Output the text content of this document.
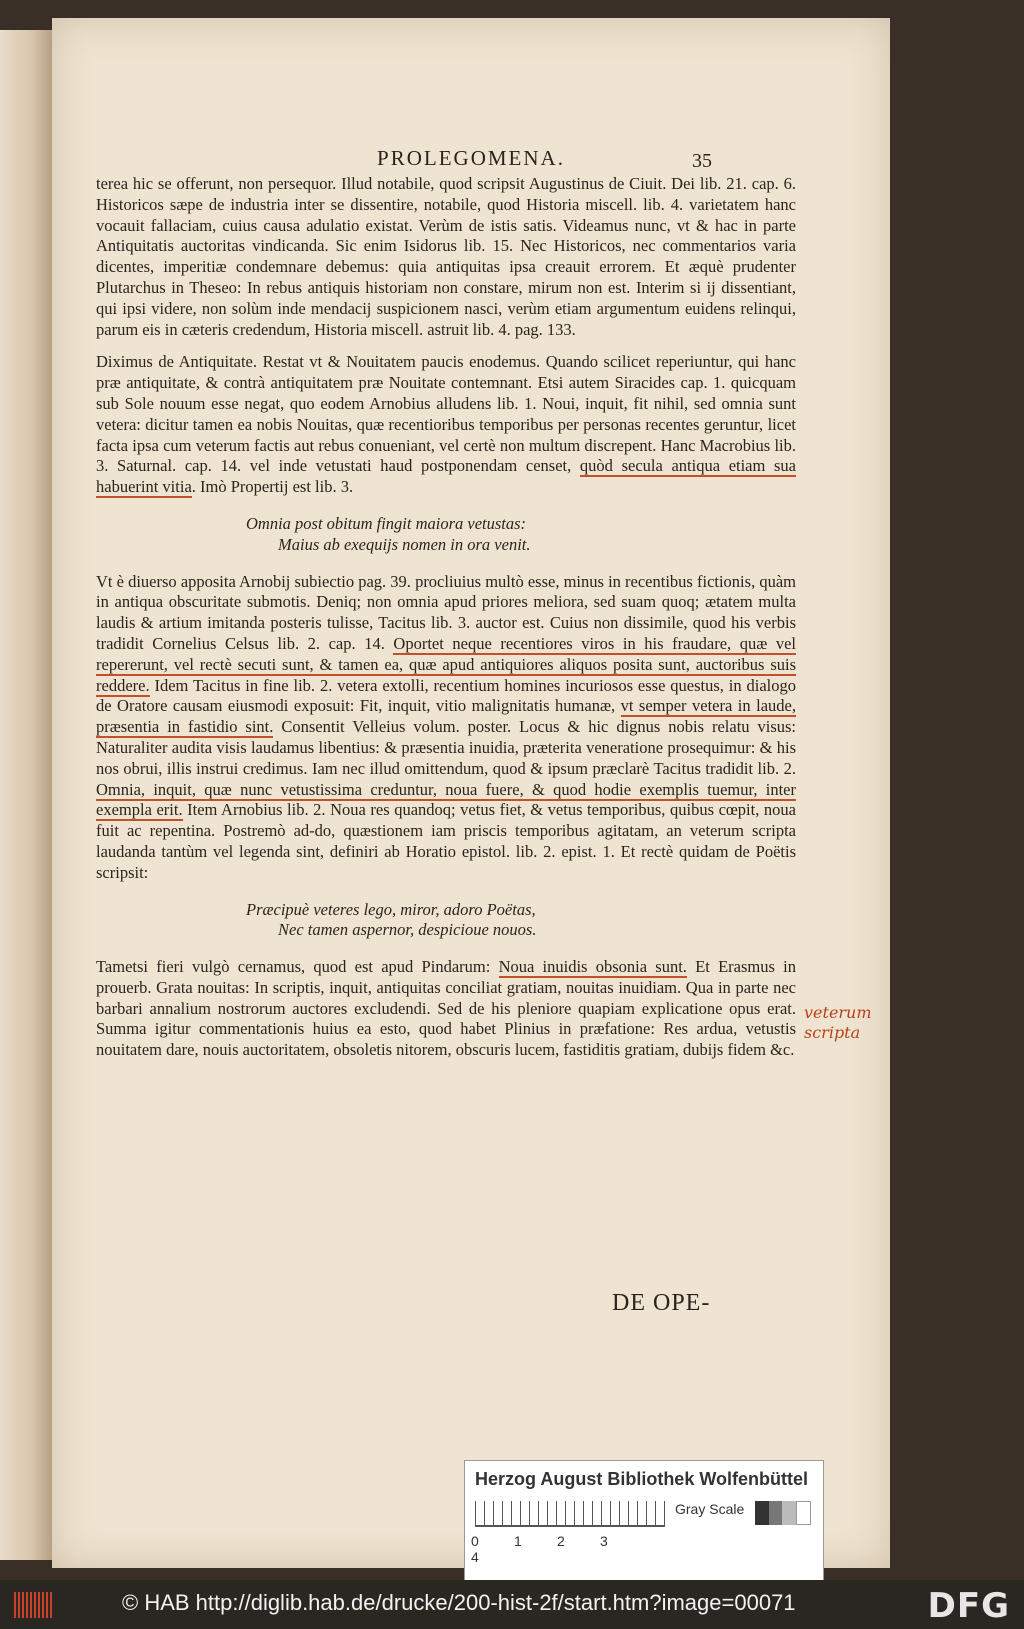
PROLEGOMENA.	35

terea hic se offerunt, non persequor. Illud notabile, quod scripsit Augustinus de Ciuit. Dei lib. 21. cap. 6. Historicos sæpe de industria inter se dissentire, notabile, quod Historia miscell. lib. 4. varietatem hanc vocauit fallaciam, cuius causa adulatio existat. Verùm de istis satis. Videamus nunc, vt & hac in parte Antiquitatis auctoritas vindicanda. Sic enim Isidorus lib. 15. Nec Historicos, nec commentarios varia dicentes, imperitiæ condemnare debemus: quia antiquitas ipsa creauit errorem. Et æquè prudenter Plutarchus in Theseo: In rebus antiquis historiam non constare, mirum non est. Interim si ij dissentiant, qui ipsi videre, non solùm inde mendacij suspicionem nasci, verùm etiam argumentum euidens relinqui, parum eis in cæteris credendum, Historia miscell. astruit lib. 4. pag. 133.

Diximus de Antiquitate. Restat vt & Nouitatem paucis enodemus. Quando scilicet reperiuntur, qui hanc præ antiquitate, & contrà antiquitatem præ Nouitate contemnant. Etsi autem Siracides cap. 1. quicquam sub Sole nouum esse negat, quo eodem Arnobius alludens lib. 1. Noui, inquit, fit nihil, sed omnia sunt vetera: dicitur tamen ea nobis Nouitas, quæ recentioribus temporibus per personas recentes geruntur, licet facta ipsa cum veterum factis aut rebus conueniant, vel certè non multum discrepent. Hanc Macrobius lib. 3. Saturnal. cap. 14. vel inde vetustati haud postponendam censet, quòd secula antiqua etiam sua habuerint vitia. Imò Propertij est lib. 3.

Omnia post obitum fingit maiora vetustas:
Maius ab exequijs nomen in ora venit.

Vt è diuerso apposita Arnobij subiectio pag. 39. procliuius multò esse, minus in recentibus fictionis, quàm in antiqua obscuritate submotis. Deniq; non omnia apud priores meliora, sed suam quoq; ætatem multa laudis & artium imitanda posteris tulisse, Tacitus lib. 3. auctor est. Cuius non dissimile, quod his verbis tradidit Cornelius Celsus lib. 2. cap. 14. Oportet neque recentiores viros in his fraudare, quæ vel repererunt, vel rectè secuti sunt, & tamen ea, quæ apud antiquiores aliquos posita sunt, auctoribus suis reddere. Idem Tacitus in fine lib. 2. vetera extolli, recentium homines incuriosos esse questus, in dialogo de Oratore causam eiusmodi exposuit: Fit, inquit, vitio malignitatis humanæ, vt semper vetera in laude, præsentia in fastidio sint. Consentit Velleius volum. poster. Locus & hic dignus nobis relatu visus: Naturaliter audita visis laudamus libentius: & præsentia inuidia, præterita veneratione prosequimur: & his nos obrui, illis instrui credimus. Iam nec illud omittendum, quod & ipsum præclarè Tacitus tradidit lib. 2. Omnia, inquit, quæ nunc vetustissima creduntur, noua fuere, & quod hodie exemplis tuemur, inter exempla erit. Item Arnobius lib. 2. Noua res quandoq; vetus fiet, & vetus temporibus, quibus cœpit, noua fuit ac repentina. Postremò ad-do, quæstionem iam priscis temporibus agitatam, an veterum scripta laudanda tantùm vel legenda sint, definiri ab Horatio epistol. lib. 2. epist. 1. Et rectè quidam de Poëtis scripsit:

Præcipuè veteres lego, miror, adoro Poëtas,
Nec tamen aspernor, despicioue nouos.

Tametsi fieri vulgò cernamus, quod est apud Pindarum: Noua inuidis obsonia sunt. Et Erasmus in prouerb. Grata nouitas: In scriptis, inquit, antiquitas conciliat gratiam, nouitas inuidiam. Qua in parte nec barbari annalium nostrorum auctores excludendi. Sed de his pleniore quapiam explicatione opus erat. Summa igitur commentationis huius ea esto, quod habet Plinius in præfatione: Res ardua, vetustis nouitatem dare, nouis auctoritatem, obsoletis nitorem, obscuris lucem, fastiditis gratiam, dubijs fidem &c.

veterum
scripta
DE OPE-
Herzog August Bibliothek Wolfenbüttel
0	1	2	34
Gray Scale
© HAB http://diglib.hab.de/drucke/200-hist-2f/start.htm?image=00071	DFG
